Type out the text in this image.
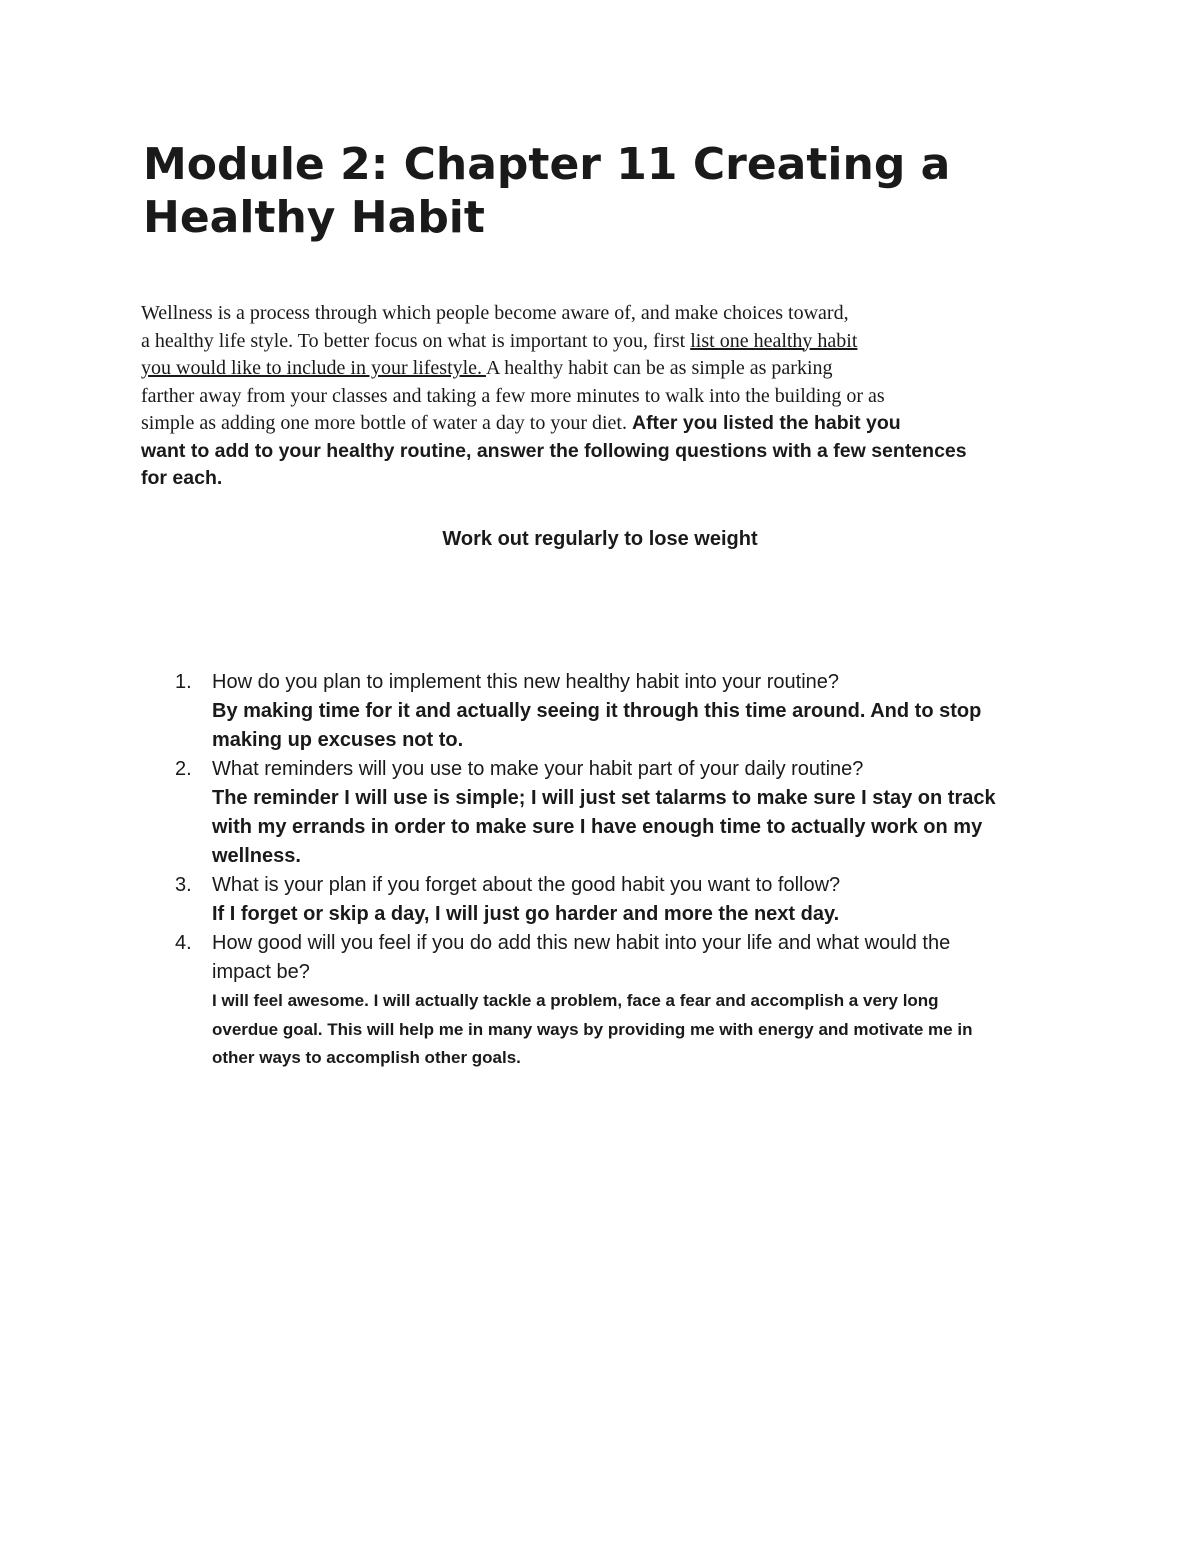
Module 2: Chapter 11 Creating a Healthy Habit

Wellness is a process through which people become aware of, and make choices toward,
a healthy life style. To better focus on what is important to you, first list one healthy habit
you would like to include in your lifestyle. A healthy habit can be as simple as parking
farther away from your classes and taking a few more minutes to walk into the building or as
simple as adding one more bottle of water a day to your diet. After you listed the habit you
want to add to your healthy routine, answer the following questions with a few sentences
for each.

Work out regularly to lose weight

1. How do you plan to implement this new healthy habit into your routine?
By making time for it and actually seeing it through this time around. And to stop
making up excuses not to.
2. What reminders will you use to make your habit part of your daily routine?
The reminder I will use is simple; I will just set talarms to make sure I stay on track
with my errands in order to make sure I have enough time to actually work on my
wellness.
3. What is your plan if you forget about the good habit you want to follow?
If I forget or skip a day, I will just go harder and more the next day.
4. How good will you feel if you do add this new habit into your life and what would the
impact be?
I will feel awesome. I will actually tackle a problem, face a fear and accomplish a very long
overdue goal. This will help me in many ways by providing me with energy and motivate me in
other ways to accomplish other goals.
